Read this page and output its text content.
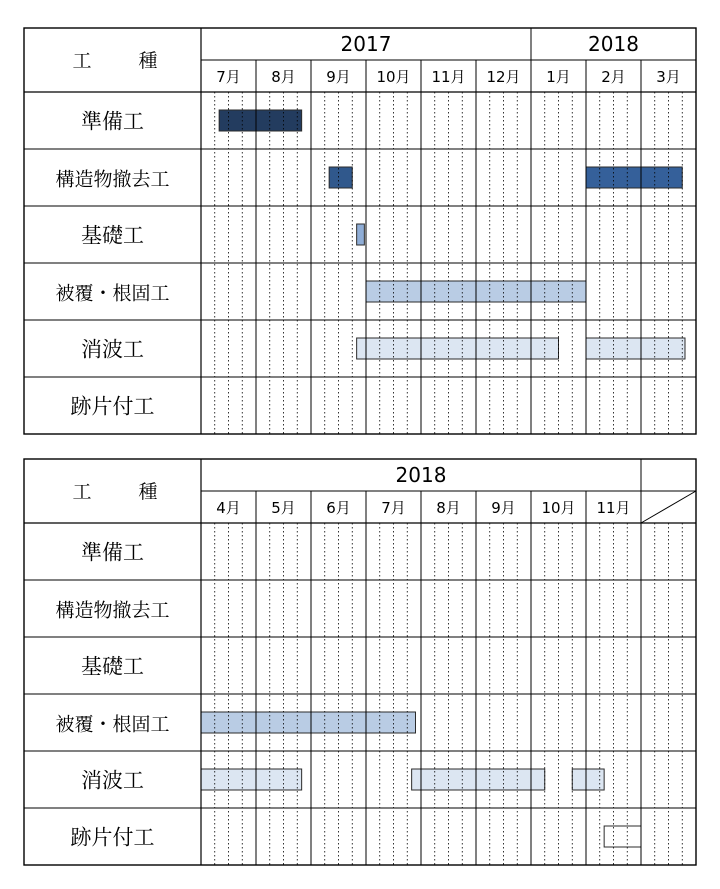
工 種
2017	2018
7月 8月 9月 10月 11月 12月 1月 2月 3月
準備工
構造物撤去工
基礎工
被覆・根固工
消波工
跡片付工
工 種
2018
4月 5月 6月 7月 8月 9月 10月 11月
準備工
構造物撤去工
基礎工
被覆・根固工
消波工
跡片付工
